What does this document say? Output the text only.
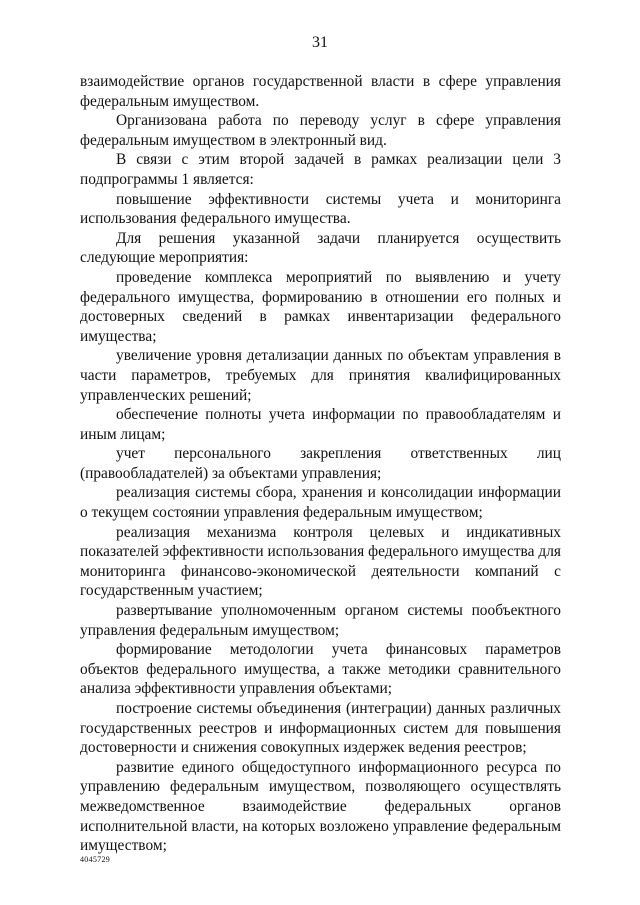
31

взаимодействие органов государственной власти в сфере управления федеральным имуществом.

Организована работа по переводу услуг в сфере управления федеральным имуществом в электронный вид.

В связи с этим второй задачей в рамках реализации цели 3 подпрограммы 1 является:

повышение эффективности системы учета и мониторинга использования федерального имущества.

Для решения указанной задачи планируется осуществить следующие мероприятия:

проведение комплекса мероприятий по выявлению и учету федерального имущества, формированию в отношении его полных и достоверных сведений в рамках инвентаризации федерального имущества;

увеличение уровня детализации данных по объектам управления в части параметров, требуемых для принятия квалифицированных управленческих решений;

обеспечение полноты учета информации по правообладателям и иным лицам;

учет персонального закрепления ответственных лиц (правообладателей) за объектами управления;

реализация системы сбора, хранения и консолидации информации о текущем состоянии управления федеральным имуществом;

реализация механизма контроля целевых и индикативных показателей эффективности использования федерального имущества для мониторинга финансово-экономической деятельности компаний с государственным участием;

развертывание уполномоченным органом системы пообъектного управления федеральным имуществом;

формирование методологии учета финансовых параметров объектов федерального имущества, а также методики сравнительного анализа эффективности управления объектами;

построение системы объединения (интеграции) данных различных государственных реестров и информационных систем для повышения достоверности и снижения совокупных издержек ведения реестров;

развитие единого общедоступного информационного ресурса по управлению федеральным имуществом, позволяющего осуществлять межведомственное взаимодействие федеральных органов исполнительной власти, на которых возложено управление федеральным имуществом;

4045729
